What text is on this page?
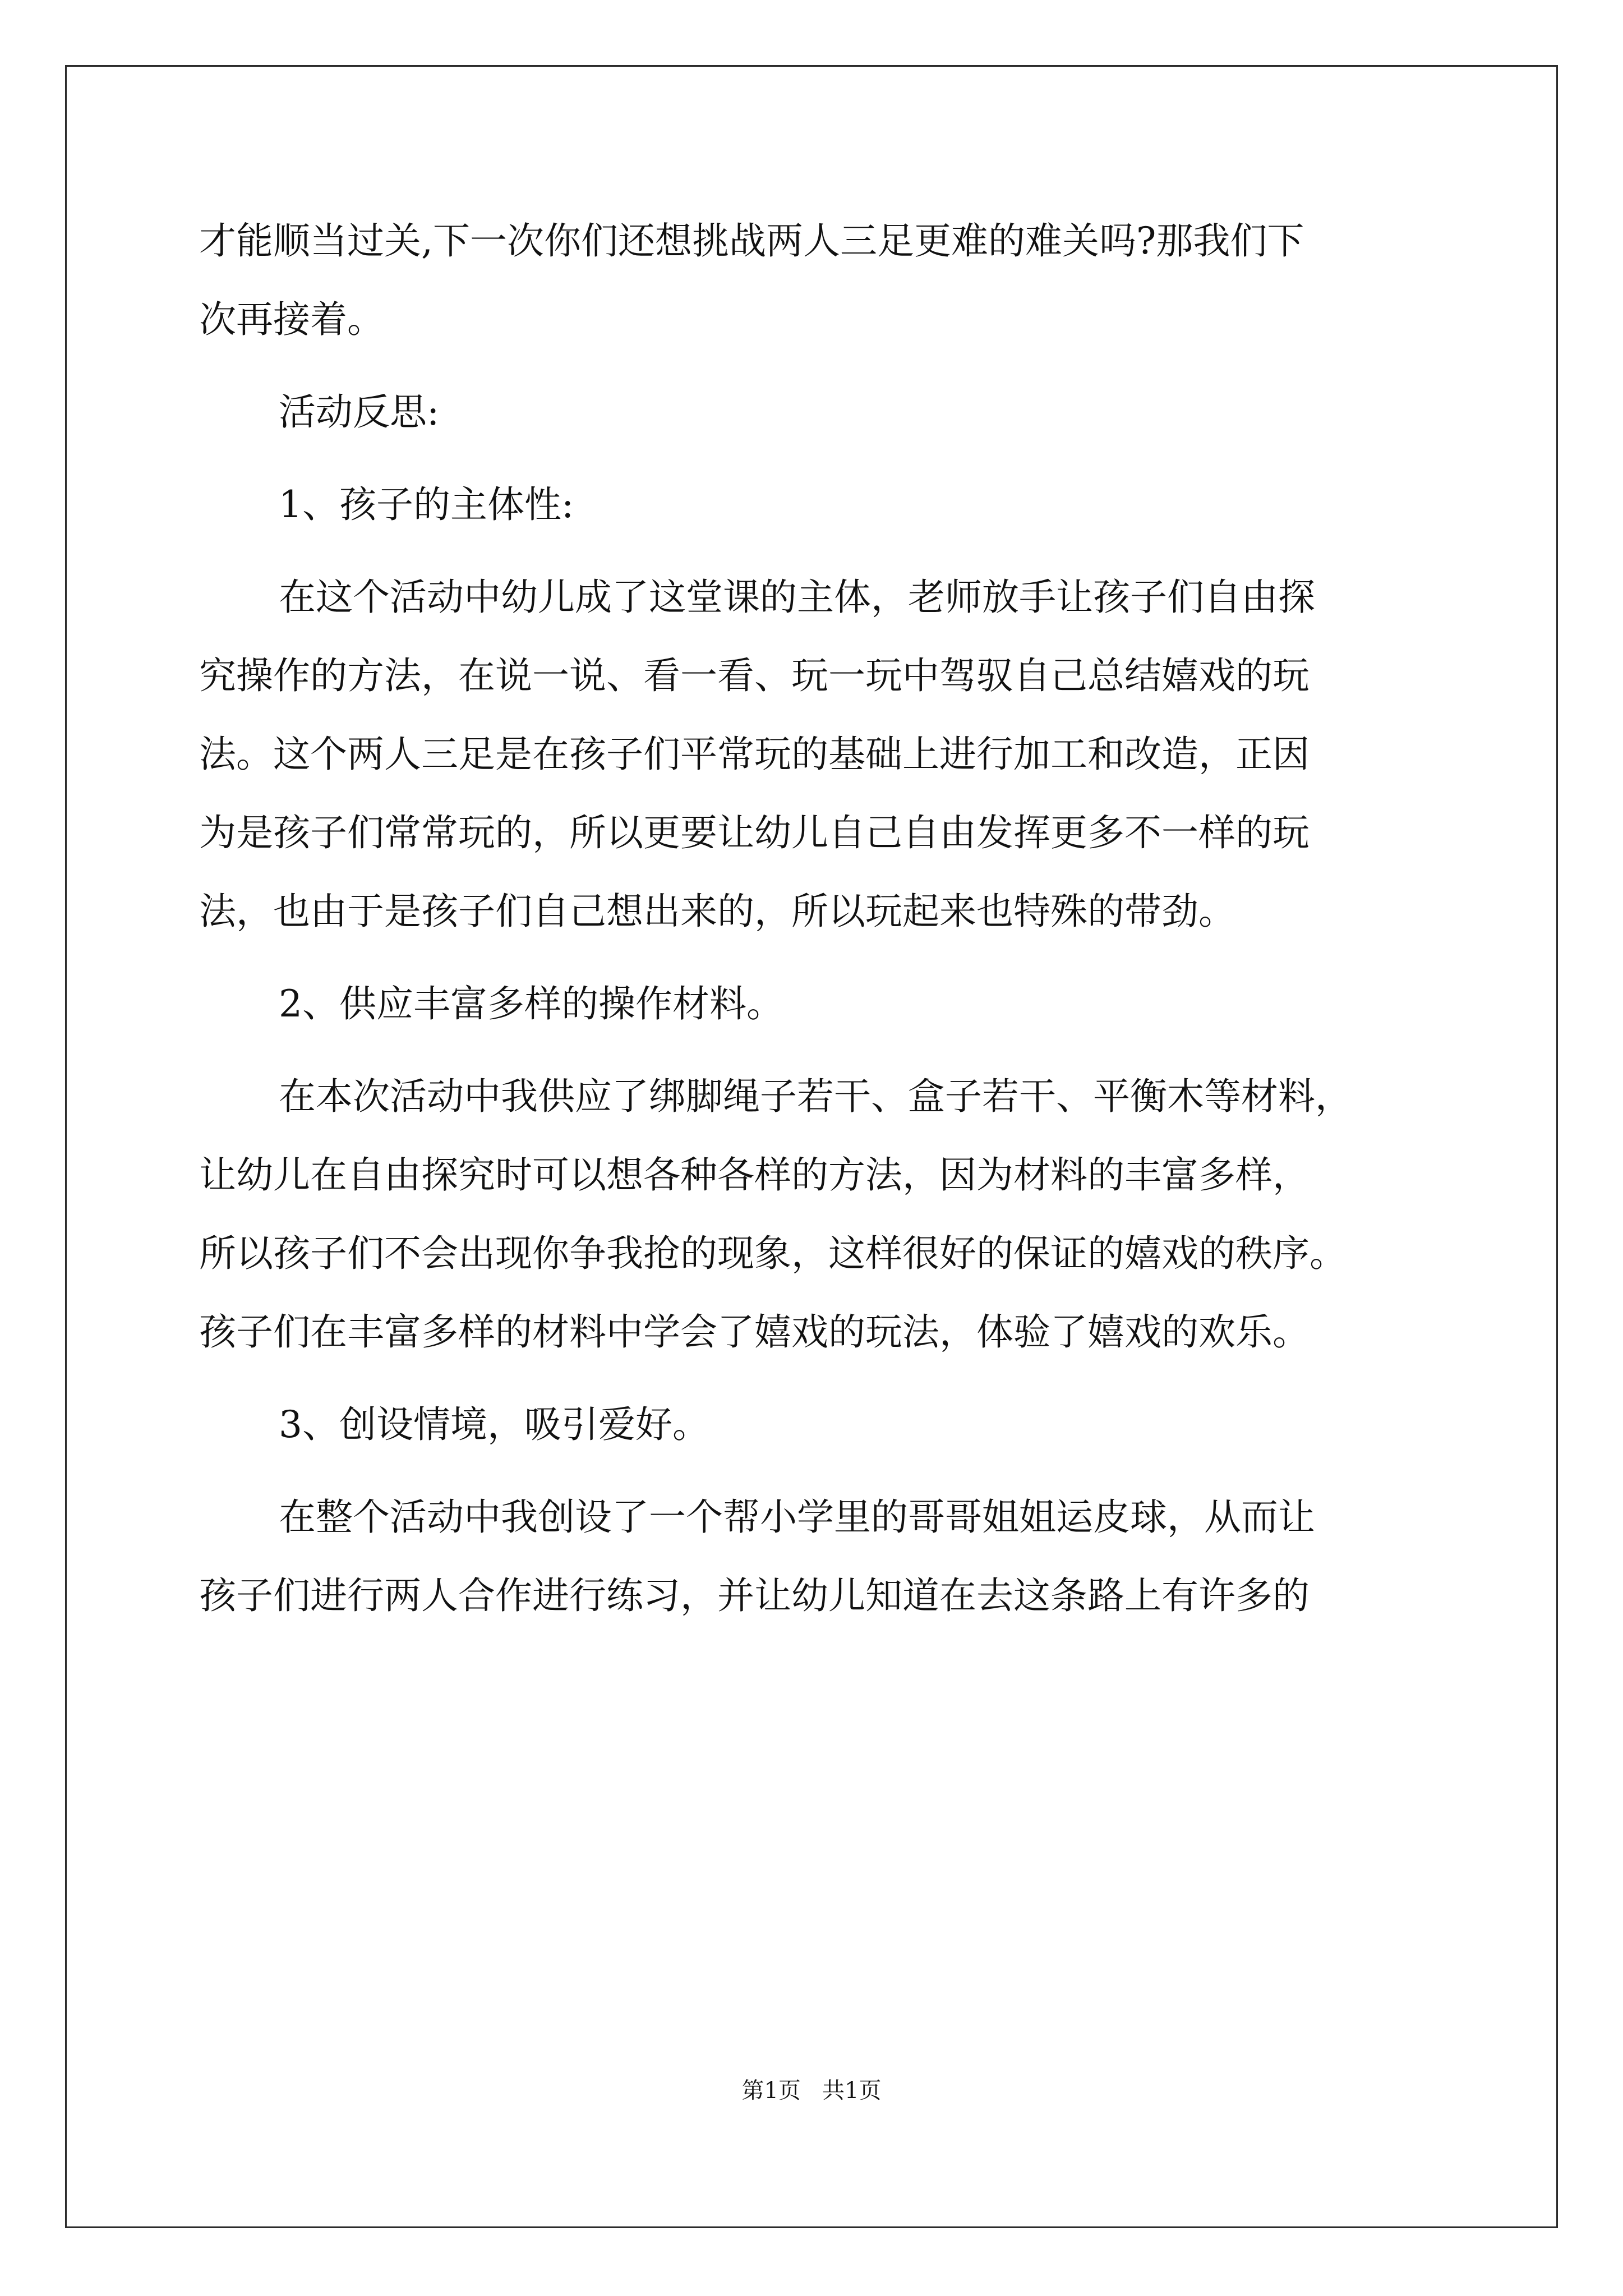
才能顺当过关,下一次你们还想挑战两人三足更难的难关吗?那我们下
次再接着。
活动反思:
1、孩子的主体性:
在这个活动中幼儿成了这堂课的主体，老师放手让孩子们自由探
究操作的方法，在说一说、看一看、玩一玩中驾驭自己总结嬉戏的玩
法。这个两人三足是在孩子们平常玩的基础上进行加工和改造，正因
为是孩子们常常玩的，所以更要让幼儿自己自由发挥更多不一样的玩
法，也由于是孩子们自己想出来的，所以玩起来也特殊的带劲。
2、供应丰富多样的操作材料。
在本次活动中我供应了绑脚绳子若干、盒子若干、平衡木等材料，
让幼儿在自由探究时可以想各种各样的方法，因为材料的丰富多样，
所以孩子们不会出现你争我抢的现象，这样很好的保证的嬉戏的秩序。
孩子们在丰富多样的材料中学会了嬉戏的玩法，体验了嬉戏的欢乐。
3、创设情境，吸引爱好。
在整个活动中我创设了一个帮小学里的哥哥姐姐运皮球，从而让
孩子们进行两人合作进行练习，并让幼儿知道在去这条路上有许多的
第1页   共1页
